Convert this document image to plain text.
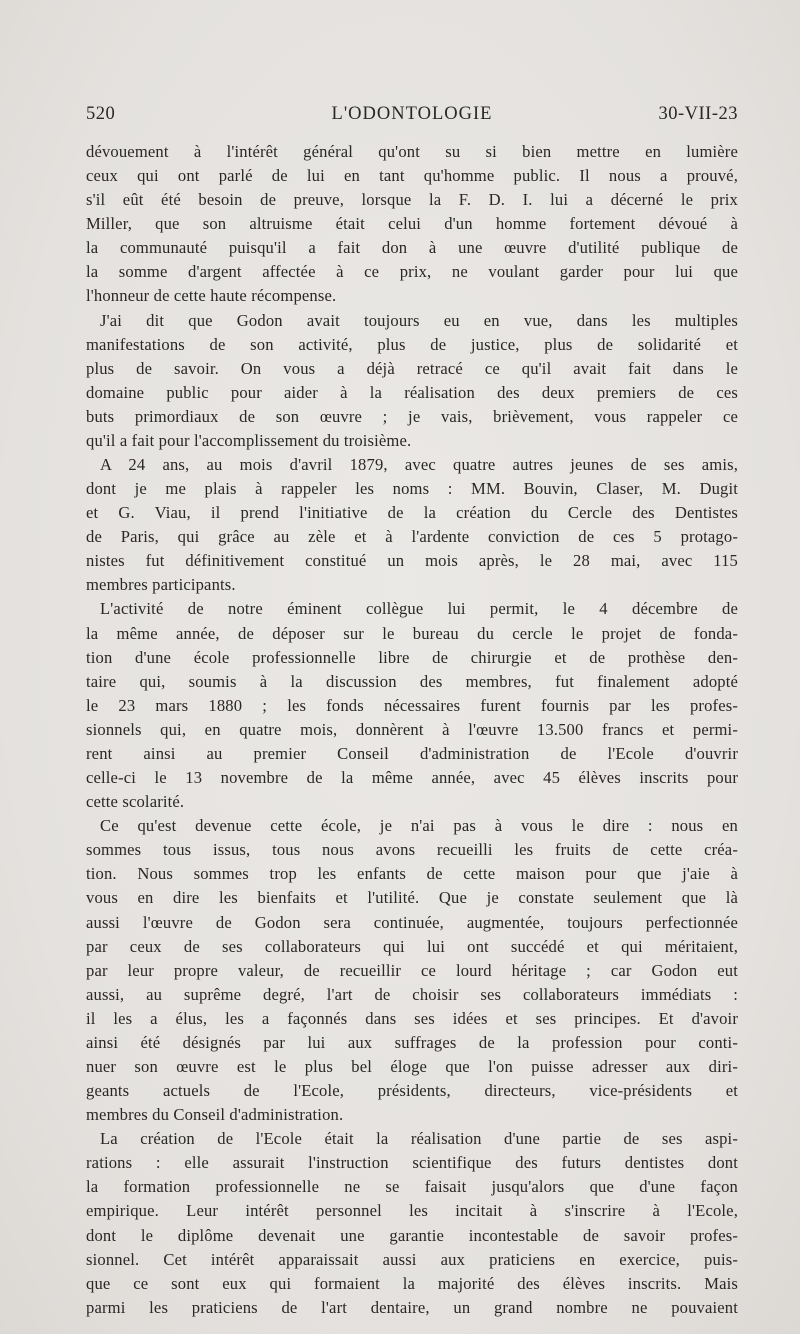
520	L'ODONTOLOGIE	30-VII-23
dévouement à l'intérêt général qu'ont su si bien mettre en lumière
ceux qui ont parlé de lui en tant qu'homme public. Il nous a prouvé,
s'il eût été besoin de preuve, lorsque la F. D. I. lui a décerné le prix
Miller, que son altruisme était celui d'un homme fortement dévoué à
la communauté puisqu'il a fait don à une œuvre d'utilité publique de
la somme d'argent affectée à ce prix, ne voulant garder pour lui que
l'honneur de cette haute récompense.
J'ai dit que Godon avait toujours eu en vue, dans les multiples
manifestations de son activité, plus de justice, plus de solidarité et
plus de savoir. On vous a déjà retracé ce qu'il avait fait dans le
domaine public pour aider à la réalisation des deux premiers de ces
buts primordiaux de son œuvre ; je vais, brièvement, vous rappeler ce
qu'il a fait pour l'accomplissement du troisième.
A 24 ans, au mois d'avril 1879, avec quatre autres jeunes de ses amis,
dont je me plais à rappeler les noms : MM. Bouvin, Claser, M. Dugit
et G. Viau, il prend l'initiative de la création du Cercle des Dentistes
de Paris, qui grâce au zèle et à l'ardente conviction de ces 5 protago-
nistes fut définitivement constitué un mois après, le 28 mai, avec 115
membres participants.
L'activité de notre éminent collègue lui permit, le 4 décembre de
la même année, de déposer sur le bureau du cercle le projet de fonda-
tion d'une école professionnelle libre de chirurgie et de prothèse den-
taire qui, soumis à la discussion des membres, fut finalement adopté
le 23 mars 1880 ; les fonds nécessaires furent fournis par les profes-
sionnels qui, en quatre mois, donnèrent à l'œuvre 13.500 francs et permi-
rent ainsi au premier Conseil d'administration de l'Ecole d'ouvrir
celle-ci le 13 novembre de la même année, avec 45 élèves inscrits pour
cette scolarité.
Ce qu'est devenue cette école, je n'ai pas à vous le dire : nous en
sommes tous issus, tous nous avons recueilli les fruits de cette créa-
tion. Nous sommes trop les enfants de cette maison pour que j'aie à
vous en dire les bienfaits et l'utilité. Que je constate seulement que là
aussi l'œuvre de Godon sera continuée, augmentée, toujours perfectionnée
par ceux de ses collaborateurs qui lui ont succédé et qui méritaient,
par leur propre valeur, de recueillir ce lourd héritage ; car Godon eut
aussi, au suprême degré, l'art de choisir ses collaborateurs immédiats :
il les a élus, les a façonnés dans ses idées et ses principes. Et d'avoir
ainsi été désignés par lui aux suffrages de la profession pour conti-
nuer son œuvre est le plus bel éloge que l'on puisse adresser aux diri-
geants actuels de l'Ecole, présidents, directeurs, vice-présidents et
membres du Conseil d'administration.
La création de l'Ecole était la réalisation d'une partie de ses aspi-
rations : elle assurait l'instruction scientifique des futurs dentistes dont
la formation professionnelle ne se faisait jusqu'alors que d'une façon
empirique. Leur intérêt personnel les incitait à s'inscrire à l'Ecole,
dont le diplôme devenait une garantie incontestable de savoir profes-
sionnel. Cet intérêt apparaissait aussi aux praticiens en exercice, puis-
que ce sont eux qui formaient la majorité des élèves inscrits. Mais
parmi les praticiens de l'art dentaire, un grand nombre ne pouvaient
